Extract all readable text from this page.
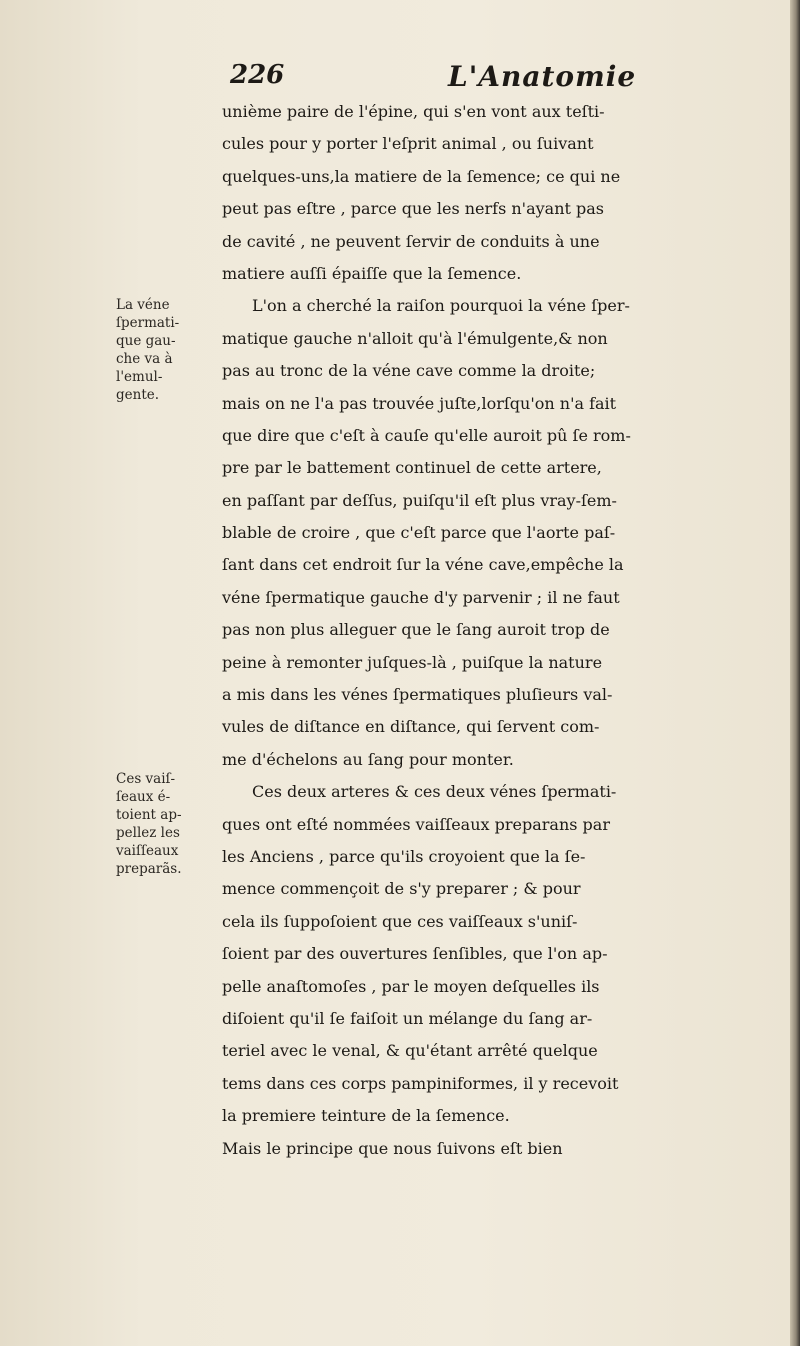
226	L'Anatomie
La véne
ſpermati-
que gau-
che va à
l'emul-
gente.
Ces vaiſ-
ſeaux é-
toient ap-
pellez les
vaiſſeaux
preparãs.
unième paire de l'épine, qui s'en vont aux teſti-
cules pour y porter l'eſprit animal , ou ſuivant
quelques-uns,la matiere de la ſemence; ce qui ne
peut pas eſtre , parce que les nerfs n'ayant pas
de cavité , ne peuvent ſervir de conduits à une
matiere auſſi épaiſſe que la ſemence.
L'on a cherché la raiſon pourquoi la véne ſper-
matique gauche n'alloit qu'à l'émulgente,& non
pas au tronc de la véne cave comme la droite;
mais on ne l'a pas trouvée juſte,lorſqu'on n'a fait
que dire que c'eſt à cauſe qu'elle auroit pû ſe rom-
pre par le battement continuel de cette artere,
en paſſant par deſſus, puiſqu'il eſt plus vray-ſem-
blable de croire , que c'eſt parce que l'aorte paſ-
ſant dans cet endroit ſur la véne cave,empêche la
véne ſpermatique gauche d'y parvenir ; il ne faut
pas non plus alleguer que le ſang auroit trop de
peine à remonter juſques-là , puiſque la nature
a mis dans les vénes ſpermatiques pluſieurs val-
vules de diſtance en diſtance, qui ſervent com-
me d'échelons au ſang pour monter.
Ces deux arteres & ces deux vénes ſpermati-
ques ont eſté nommées vaiſſeaux preparans par
les Anciens , parce qu'ils croyoient que la ſe-
mence commençoit de s'y preparer ; & pour
cela ils ſuppoſoient que ces vaiſſeaux s'uniſ-
ſoient par des ouvertures ſenſibles, que l'on ap-
pelle anaſtomoſes , par le moyen deſquelles ils
diſoient qu'il ſe faiſoit un mélange du ſang ar-
teriel avec le venal, & qu'étant arrêté quelque
tems dans ces corps pampiniformes, il y recevoit
la premiere teinture de la ſemence.
Mais le principe que nous ſuivons eſt bien
